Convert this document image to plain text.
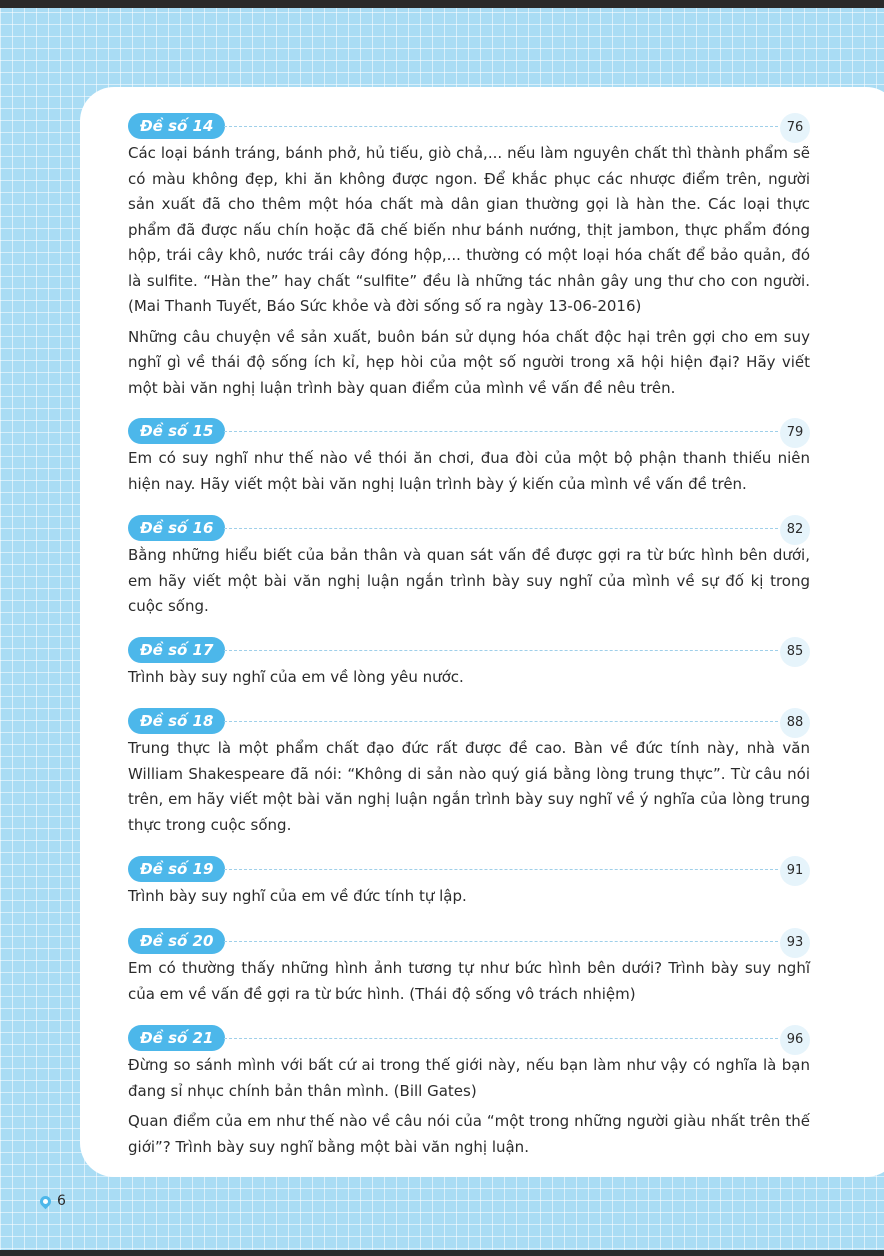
Đề số 14	76

Các loại bánh tráng, bánh phở, hủ tiếu, giò chả,... nếu làm nguyên chất thì thành phẩm sẽ có màu không đẹp, khi ăn không được ngon. Để khắc phục các nhược điểm trên, người sản xuất đã cho thêm một hóa chất mà dân gian thường gọi là hàn the. Các loại thực phẩm đã được nấu chín hoặc đã chế biến như bánh nướng, thịt jambon, thực phẩm đóng hộp, trái cây khô, nước trái cây đóng hộp,... thường có một loại hóa chất để bảo quản, đó là sulfite. “Hàn the” hay chất “sulfite” đều là những tác nhân gây ung thư cho con người. (Mai Thanh Tuyết, Báo Sức khỏe và đời sống số ra ngày 13-06-2016)

Những câu chuyện về sản xuất, buôn bán sử dụng hóa chất độc hại trên gợi cho em suy nghĩ gì về thái độ sống ích kỉ, hẹp hòi của một số người trong xã hội hiện đại? Hãy viết một bài văn nghị luận trình bày quan điểm của mình về vấn đề nêu trên.

Đề số 15	79

Em có suy nghĩ như thế nào về thói ăn chơi, đua đòi của một bộ phận thanh thiếu niên hiện nay. Hãy viết một bài văn nghị luận trình bày ý kiến của mình về vấn đề trên.

Đề số 16	82

Bằng những hiểu biết của bản thân và quan sát vấn đề được gợi ra từ bức hình bên dưới, em hãy viết một bài văn nghị luận ngắn trình bày suy nghĩ của mình về sự đố kị trong cuộc sống.

Đề số 17	85

Trình bày suy nghĩ của em về lòng yêu nước.

Đề số 18	88

Trung thực là một phẩm chất đạo đức rất được đề cao. Bàn về đức tính này, nhà văn William Shakespeare đã nói: “Không di sản nào quý giá bằng lòng trung thực”. Từ câu nói trên, em hãy viết một bài văn nghị luận ngắn trình bày suy nghĩ về ý nghĩa của lòng trung thực trong cuộc sống.

Đề số 19	91

Trình bày suy nghĩ của em về đức tính tự lập.

Đề số 20	93

Em có thường thấy những hình ảnh tương tự như bức hình bên dưới? Trình bày suy nghĩ của em về vấn đề gợi ra từ bức hình. (Thái độ sống vô trách nhiệm)

Đề số 21	96

Đừng so sánh mình với bất cứ ai trong thế giới này, nếu bạn làm như vậy có nghĩa là bạn đang sỉ nhục chính bản thân mình. (Bill Gates)

Quan điểm của em như thế nào về câu nói của “một trong những người giàu nhất trên thế giới”? Trình bày suy nghĩ bằng một bài văn nghị luận.

6
